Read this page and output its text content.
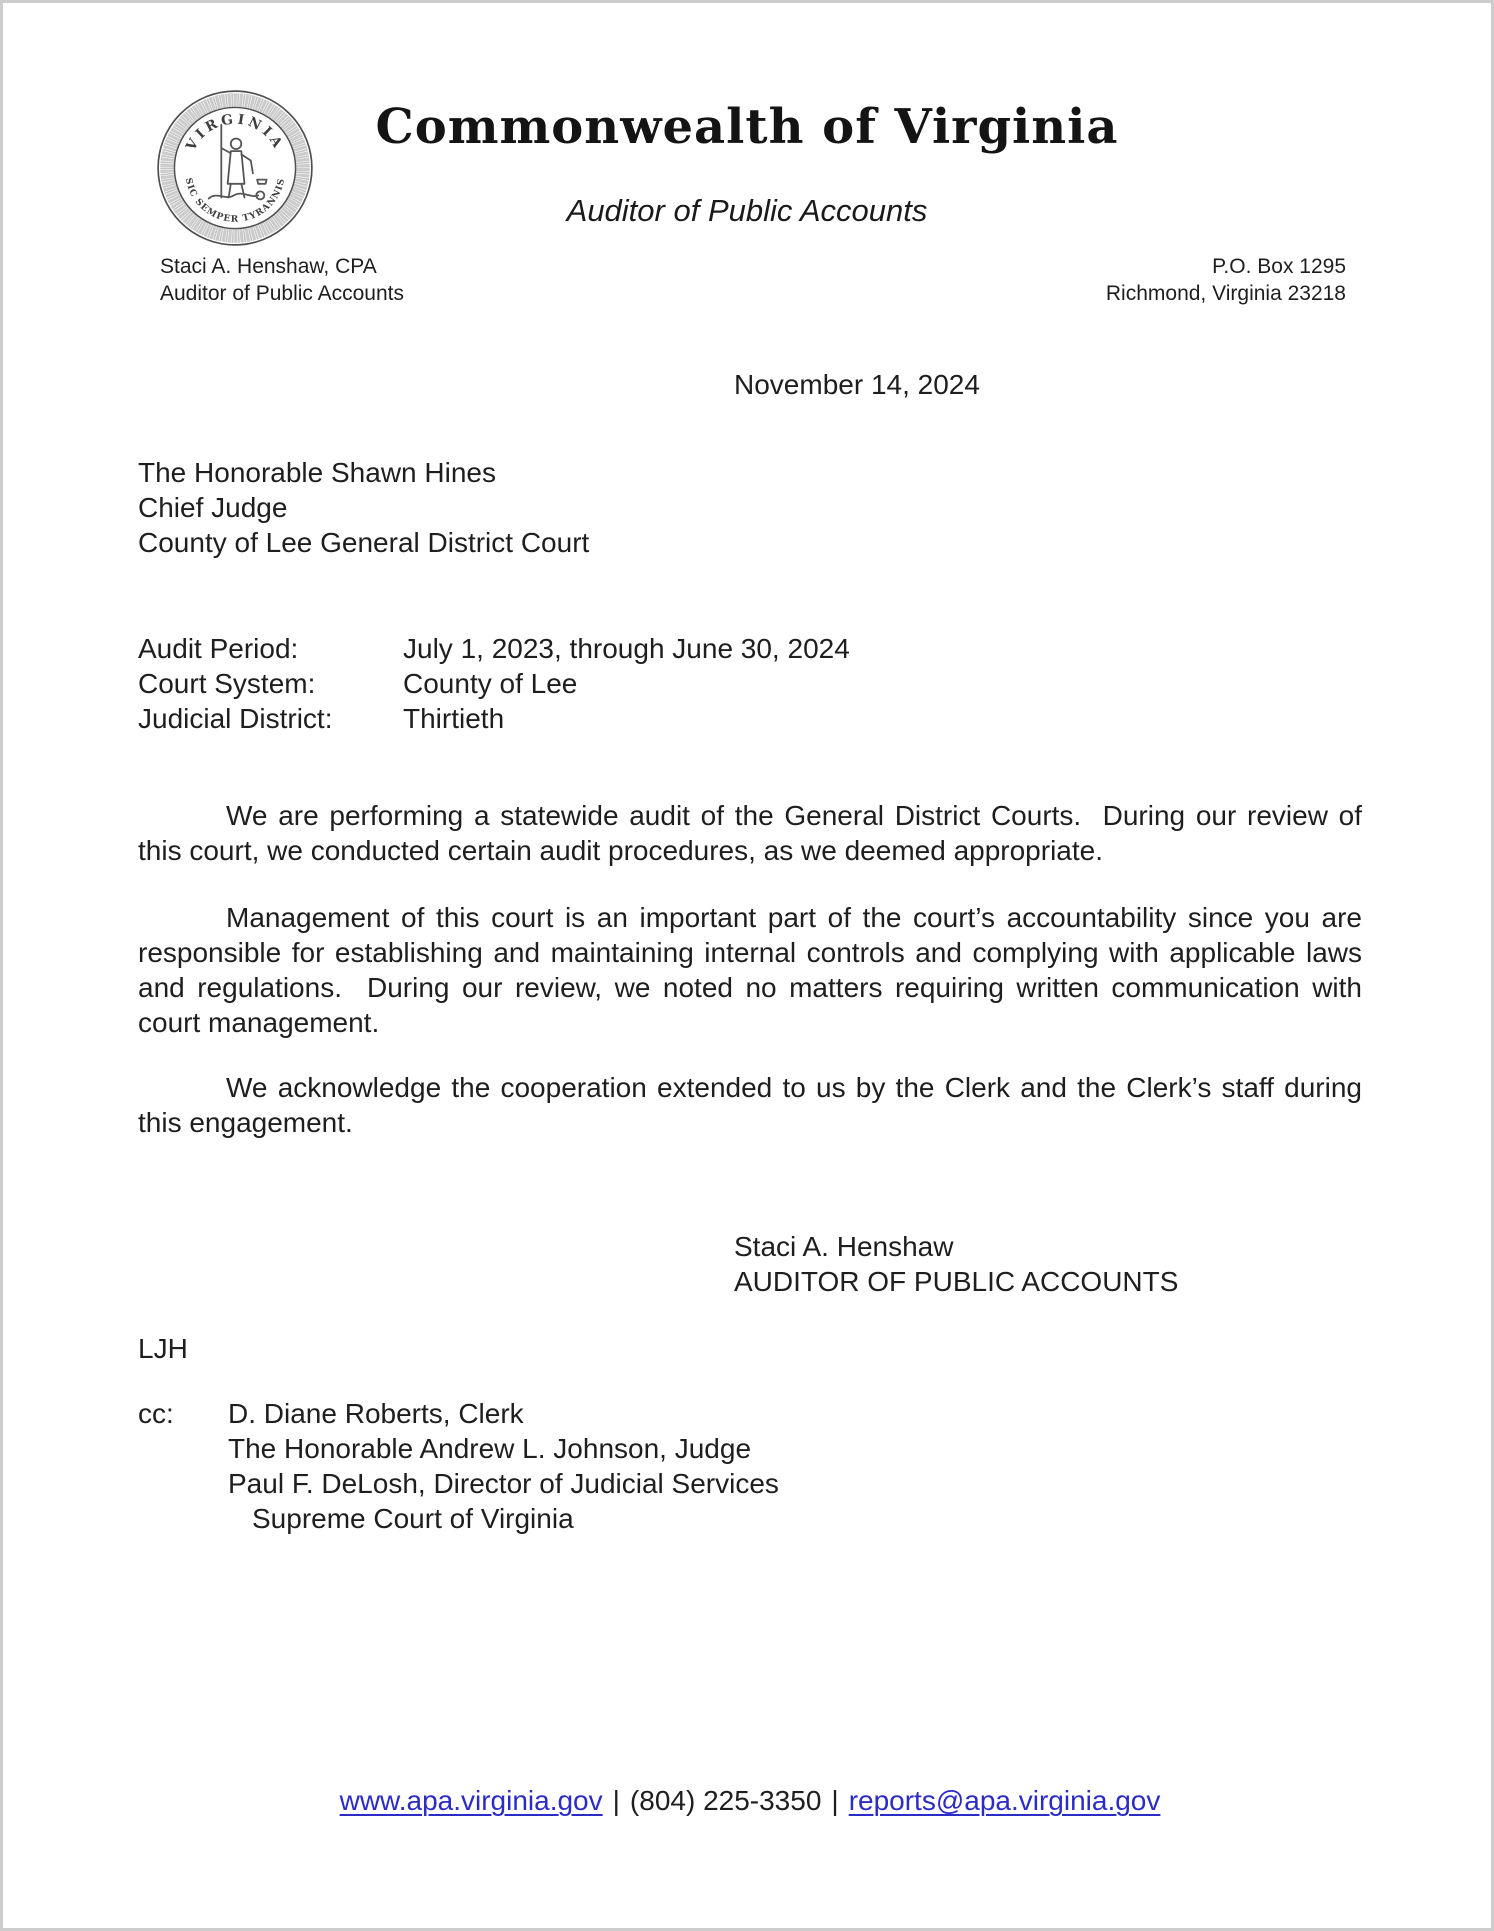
VIRGINIA
SIC SEMPER TYRANNIS
Commonwealth of Virginia
Auditor of Public Accounts
Staci A. Henshaw, CPA
Auditor of Public Accounts
P.O. Box 1295
Richmond, Virginia 23218
November 14, 2024
The Honorable Shawn Hines
Chief Judge
County of Lee General District Court
Audit Period:	July 1, 2023, through June 30, 2024
Court System:	County of Lee
Judicial District:	Thirtieth
We are performing a statewide audit of the General District Courts.  During our review of this court, we conducted certain audit procedures, as we deemed appropriate.
Management of this court is an important part of the court’s accountability since you are responsible for establishing and maintaining internal controls and complying with applicable laws and regulations.  During our review, we noted no matters requiring written communication with court management.
We acknowledge the cooperation extended to us by the Clerk and the Clerk’s staff during this engagement.
Staci A. Henshaw
AUDITOR OF PUBLIC ACCOUNTS
LJH
cc:	D. Diane Roberts, Clerk
The Honorable Andrew L. Johnson, Judge
Paul F. DeLosh, Director of Judicial Services
Supreme Court of Virginia
www.apa.virginia.gov | (804) 225-3350 | reports@apa.virginia.gov
